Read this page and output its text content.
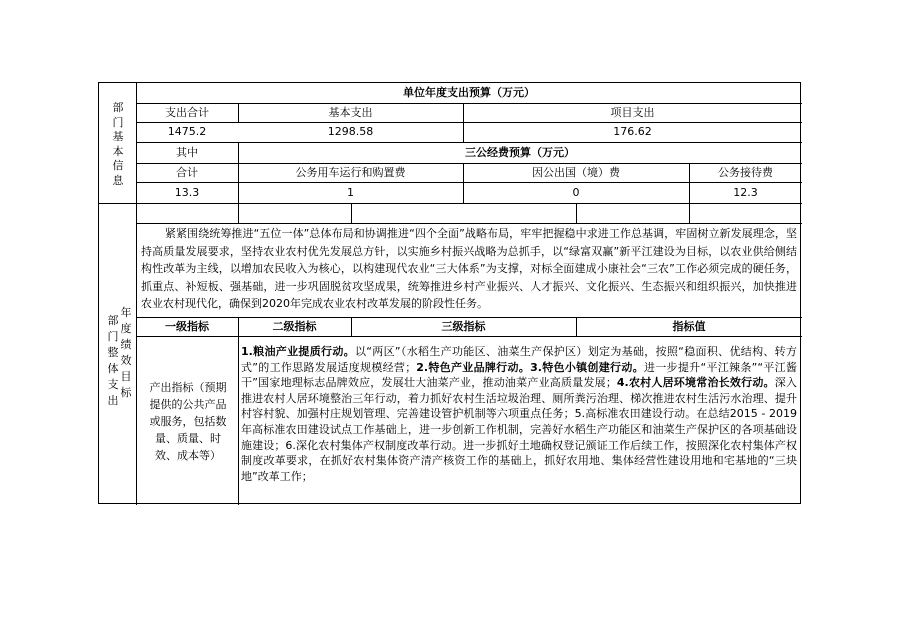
部门基本信息
部门整体支出
年度绩效目标
单位年度支出预算（万元）
支出合计	基本支出	项目支出
1475.2	1298.58	176.62
其中	三公经费预算（万元）
合计	公务用车运行和购置费	因公出国（境）费	公务接待费
13.3	1	0	12.3
紧紧围绕统筹推进“五位一体”总体布局和协调推进“四个全面”战略布局，牢牢把握稳中求进工作总基调，牢固树立新发展理念，坚持高质量发展要求，坚持农业农村优先发展总方针，以实施乡村振兴战略为总抓手，以“绿富双赢”新平江建设为目标，以农业供给侧结构性改革为主线，以增加农民收入为核心，以构建现代农业“三大体系”为支撑，对标全面建成小康社会“三农”工作必须完成的硬任务，抓重点、补短板、强基础，进一步巩固脱贫攻坚成果，统筹推进乡村产业振兴、人才振兴、文化振兴、生态振兴和组织振兴，加快推进农业农村现代化，确保到2020年完成农业农村改革发展的阶段性任务。
一级指标	二级指标	三级指标	指标值
产出指标（预期提供的公共产品或服务，包括数量、质量、时效、成本等）
1.粮油产业提质行动。以“两区”（水稻生产功能区、油菜生产保护区）划定为基础，按照“稳面积、优结构、转方式”的工作思路发展适度规模经营；2.特色产业品牌行动。3.特色小镇创建行动。进一步提升“平江辣条”“平江酱干”国家地理标志品牌效应，发展壮大油菜产业，推动油菜产业高质量发展；4.农村人居环境常治长效行动。深入推进农村人居环境整治三年行动，着力抓好农村生活垃圾治理、厕所粪污治理、梯次推进农村生活污水治理、提升村容村貌、加强村庄规划管理、完善建设管护机制等六项重点任务；5.高标准农田建设行动。在总结2015 - 2019年高标准农田建设试点工作基础上，进一步创新工作机制，完善好水稻生产功能区和油菜生产保护区的各项基础设施建设；6.深化农村集体产权制度改革行动。进一步抓好土地确权登记颁证工作后续工作，按照深化农村集体产权制度改革要求，在抓好农村集体资产清产核资工作的基础上，抓好农用地、集体经营性建设用地和宅基地的“三块地”改革工作；
